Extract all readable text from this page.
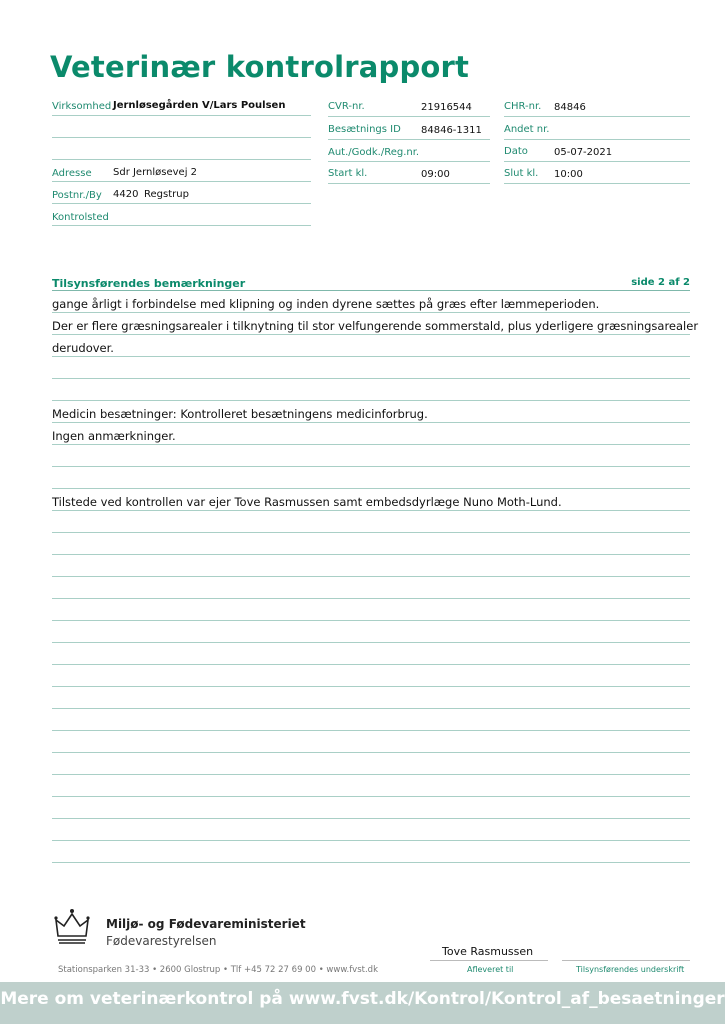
Veterinær kontrolrapport
Virksomhed Jernløsegården V/Lars Poulsen
Adresse Sdr Jernløsevej 2
Postnr./By 4420 Regstrup
Kontrolsted
CVR-nr.	21916544
Besætnings ID 84846-1311
Aut./Godk./Reg.nr.
Start kl.	09:00
CHR-nr. 84846
Andet nr.
Dato	05-07-2021
Slut kl. 10:00
Tilsynsførendes bemærkninger	side 2 af 2
gange årligt i forbindelse med klipning og inden dyrene sættes på græs efter læmmeperioden.
Der er flere græsningsarealer i tilknytning til stor velfungerende sommerstald, plus yderligere græsningsarealer
derudover.
Medicin besætninger: Kontrolleret besætningens medicinforbrug.
Ingen anmærkninger.
Tilstede ved kontrollen var ejer Tove Rasmussen samt embedsdyrlæge Nuno Moth-Lund.
Miljø- og Fødevareministeriet
Fødevarestyrelsen
Stationsparken 31-33 • 2600 Glostrup • Tlf +45 72 27 69 00 • www.fvst.dk
Tove Rasmussen
Afleveret til	Tilsynsførendes underskrift
Mere om veterinærkontrol på www.fvst.dk/Kontrol/Kontrol_af_besaetninger
